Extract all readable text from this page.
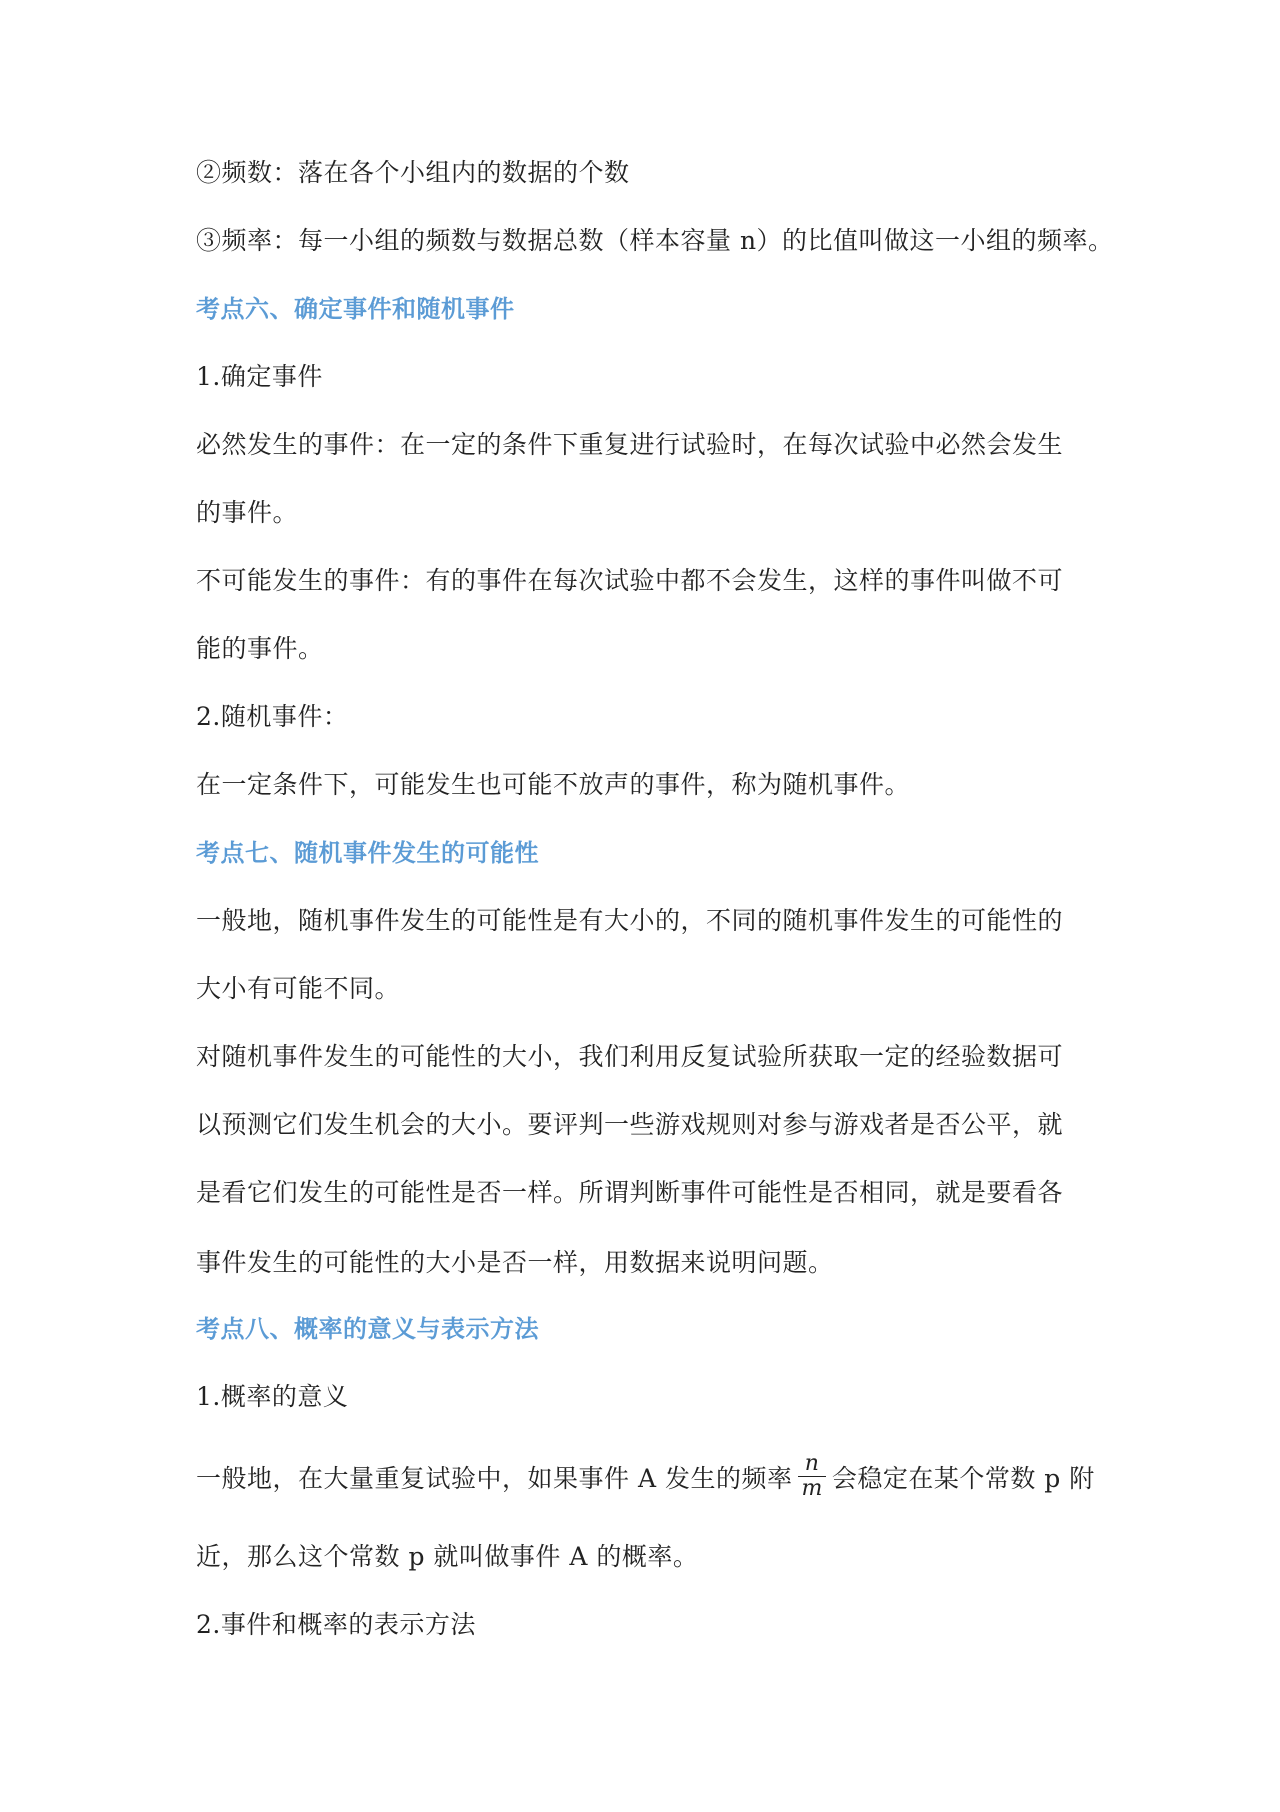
②频数：落在各个小组内的数据的个数
③频率：每一小组的频数与数据总数（样本容量 n）的比值叫做这一小组的频率。
考点六、确定事件和随机事件
1.确定事件
必然发生的事件：在一定的条件下重复进行试验时，在每次试验中必然会发生
的事件。
不可能发生的事件：有的事件在每次试验中都不会发生，这样的事件叫做不可
能的事件。
2.随机事件：
在一定条件下，可能发生也可能不放声的事件，称为随机事件。
考点七、随机事件发生的可能性
一般地，随机事件发生的可能性是有大小的，不同的随机事件发生的可能性的
大小有可能不同。
对随机事件发生的可能性的大小，我们利用反复试验所获取一定的经验数据可
以预测它们发生机会的大小。要评判一些游戏规则对参与游戏者是否公平，就
是看它们发生的可能性是否一样。所谓判断事件可能性是否相同，就是要看各
事件发生的可能性的大小是否一样，用数据来说明问题。
考点八、概率的意义与表示方法
1.概率的意义
一般地，在大量重复试验中，如果事件 A 发生的频率 $\frac{n}{m}$ 会稳定在某个常数 p 附
近，那么这个常数 p 就叫做事件 A 的概率。
2.事件和概率的表示方法
